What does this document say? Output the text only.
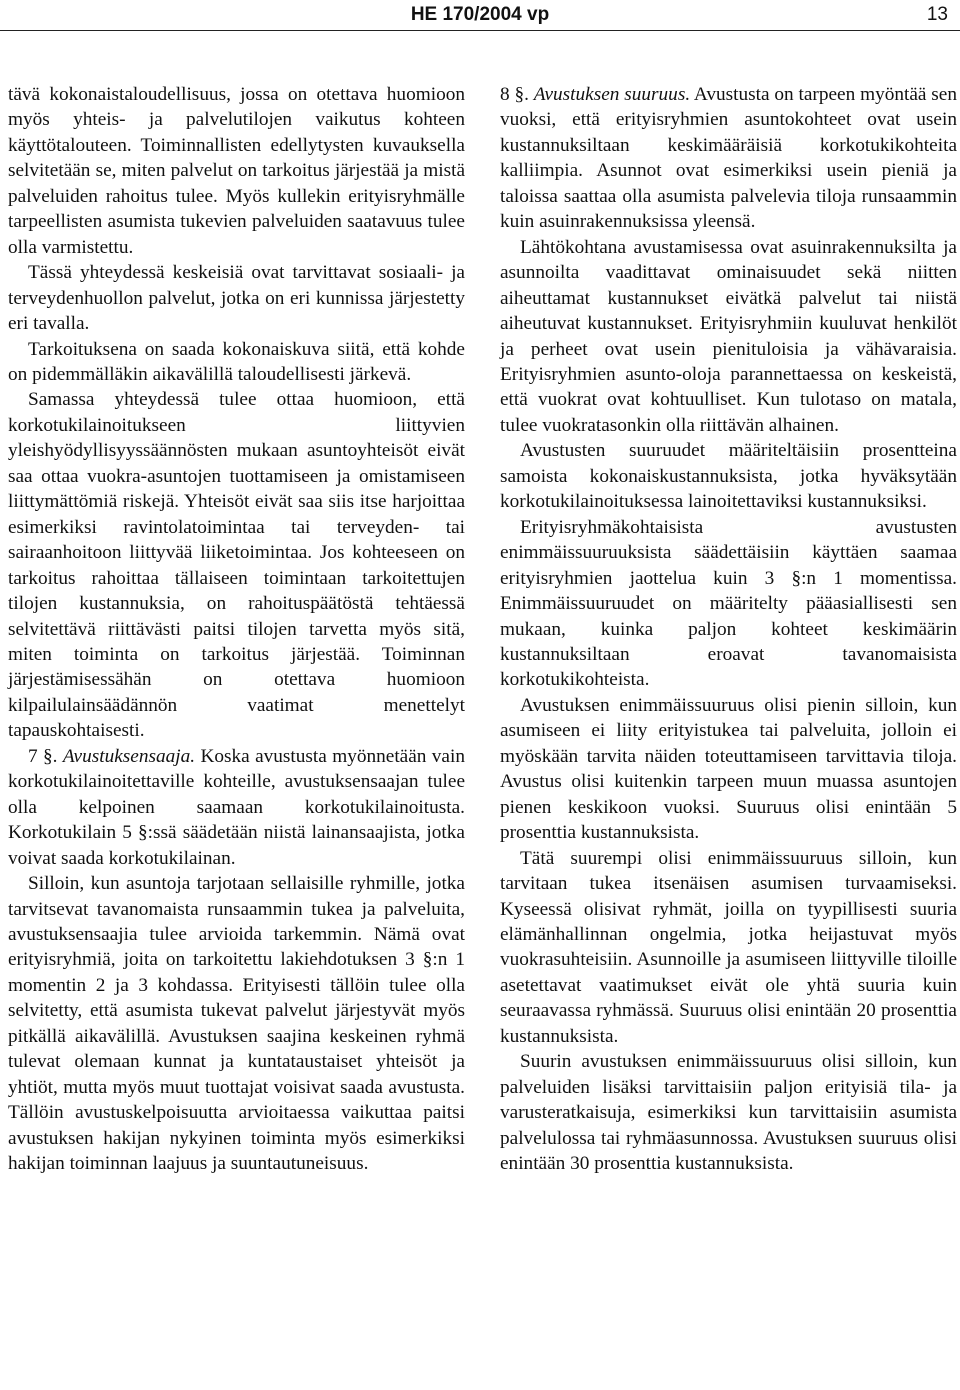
HE 170/2004 vp	13

tävä kokonaistaloudellisuus, jossa on otettava huomioon myös yhteis- ja palvelutilojen vaikutus kohteen käyttötalouteen. Toiminnallisten edellytysten kuvauksella selvitetään se, miten palvelut on tarkoitus järjestää ja mistä palveluiden rahoitus tulee. Myös kullekin erityisryhmälle tarpeellisten asumista tukevien palveluiden saatavuus tulee olla varmistettu.

Tässä yhteydessä keskeisiä ovat tarvittavat sosiaali- ja terveydenhuollon palvelut, jotka on eri kunnissa järjestetty eri tavalla.

Tarkoituksena on saada kokonaiskuva siitä, että kohde on pidemmälläkin aikavälillä taloudellisesti järkevä.

Samassa yhteydessä tulee ottaa huomioon, että korkotukilainoitukseen liittyvien yleishyödyllisyyssäännösten mukaan asuntoyhteisöt eivät saa ottaa vuokra-asuntojen tuottamiseen ja omistamiseen liittymättömiä riskejä. Yhteisöt eivät saa siis itse harjoittaa esimerkiksi ravintolatoimintaa tai terveyden- tai sairaanhoitoon liittyvää liiketoimintaa. Jos kohteeseen on tarkoitus rahoittaa tällaiseen toimintaan tarkoitettujen tilojen kustannuksia, on rahoituspäätöstä tehtäessä selvitettävä riittävästi paitsi tilojen tarvetta myös sitä, miten toiminta on tarkoitus järjestää. Toiminnan järjestämisessähän on otettava huomioon kilpailulainsäädännön vaatimat menettelyt tapauskohtaisesti.

7 §. Avustuksensaaja. Koska avustusta myönnetään vain korkotukilainoitettaville kohteille, avustuksensaajan tulee olla kelpoinen saamaan korkotukilainoitusta. Korkotukilain 5 §:ssä säädetään niistä lainansaajista, jotka voivat saada korkotukilainan.

Silloin, kun asuntoja tarjotaan sellaisille ryhmille, jotka tarvitsevat tavanomaista runsaammin tukea ja palveluita, avustuksensaajia tulee arvioida tarkemmin. Nämä ovat erityisryhmiä, joita on tarkoitettu lakiehdotuksen 3 §:n 1 momentin 2 ja 3 kohdassa. Erityisesti tällöin tulee olla selvitetty, että asumista tukevat palvelut järjestyvät myös pitkällä aikavälillä. Avustuksen saajina keskeinen ryhmä tulevat olemaan kunnat ja kuntataustaiset yhteisöt ja yhtiöt, mutta myös muut tuottajat voisivat saada avustusta. Tällöin avustuskelpoisuutta arvioitaessa vaikuttaa paitsi avustuksen hakijan nykyinen toiminta myös esimerkiksi hakijan toiminnan laajuus ja suuntautuneisuus.

8 §. Avustuksen suuruus. Avustusta on tarpeen myöntää sen vuoksi, että erityisryhmien asuntokohteet ovat usein kustannuksiltaan keskimääräisiä korkotukikohteita kalliimpia. Asunnot ovat esimerkiksi usein pieniä ja taloissa saattaa olla asumista palvelevia tiloja runsaammin kuin asuinrakennuksissa yleensä.

Lähtökohtana avustamisessa ovat asuinrakennuksilta ja asunnoilta vaadittavat ominaisuudet sekä niitten aiheuttamat kustannukset eivätkä palvelut tai niistä aiheutuvat kustannukset. Erityisryhmiin kuuluvat henkilöt ja perheet ovat usein pienituloisia ja vähävaraisia. Erityisryhmien asunto-oloja parannettaessa on keskeistä, että vuokrat ovat kohtuulliset. Kun tulotaso on matala, tulee vuokratasonkin olla riittävän alhainen.

Avustusten suuruudet määriteltäisiin prosentteina samoista kokonaiskustannuksista, jotka hyväksytään korkotukilainoituksessa lainoitettaviksi kustannuksiksi.

Erityisryhmäkohtaisista avustusten enimmäissuuruuksista säädettäisiin käyttäen saamaa erityisryhmien jaottelua kuin 3 §:n 1 momentissa. Enimmäissuuruudet on määritelty pääasiallisesti sen mukaan, kuinka paljon kohteet keskimäärin kustannuksiltaan eroavat tavanomaisista korkotukikohteista.

Avustuksen enimmäissuuruus olisi pienin silloin, kun asumiseen ei liity erityistukea tai palveluita, jolloin ei myöskään tarvita näiden toteuttamiseen tarvittavia tiloja. Avustus olisi kuitenkin tarpeen muun muassa asuntojen pienen keskikoon vuoksi. Suuruus olisi enintään 5 prosenttia kustannuksista.

Tätä suurempi olisi enimmäissuuruus silloin, kun tarvitaan tukea itsenäisen asumisen turvaamiseksi. Kyseessä olisivat ryhmät, joilla on tyypillisesti suuria elämänhallinnan ongelmia, jotka heijastuvat myös vuokrasuhteisiin. Asunnoille ja asumiseen liittyville tiloille asetettavat vaatimukset eivät ole yhtä suuria kuin seuraavassa ryhmässä. Suuruus olisi enintään 20 prosenttia kustannuksista.

Suurin avustuksen enimmäissuuruus olisi silloin, kun palveluiden lisäksi tarvittaisiin paljon erityisiä tila- ja varusteratkaisuja, esimerkiksi kun tarvittaisiin asumista palvelulossa tai ryhmäasunnossa. Avustuksen suuruus olisi enintään 30 prosenttia kustannuksista.
